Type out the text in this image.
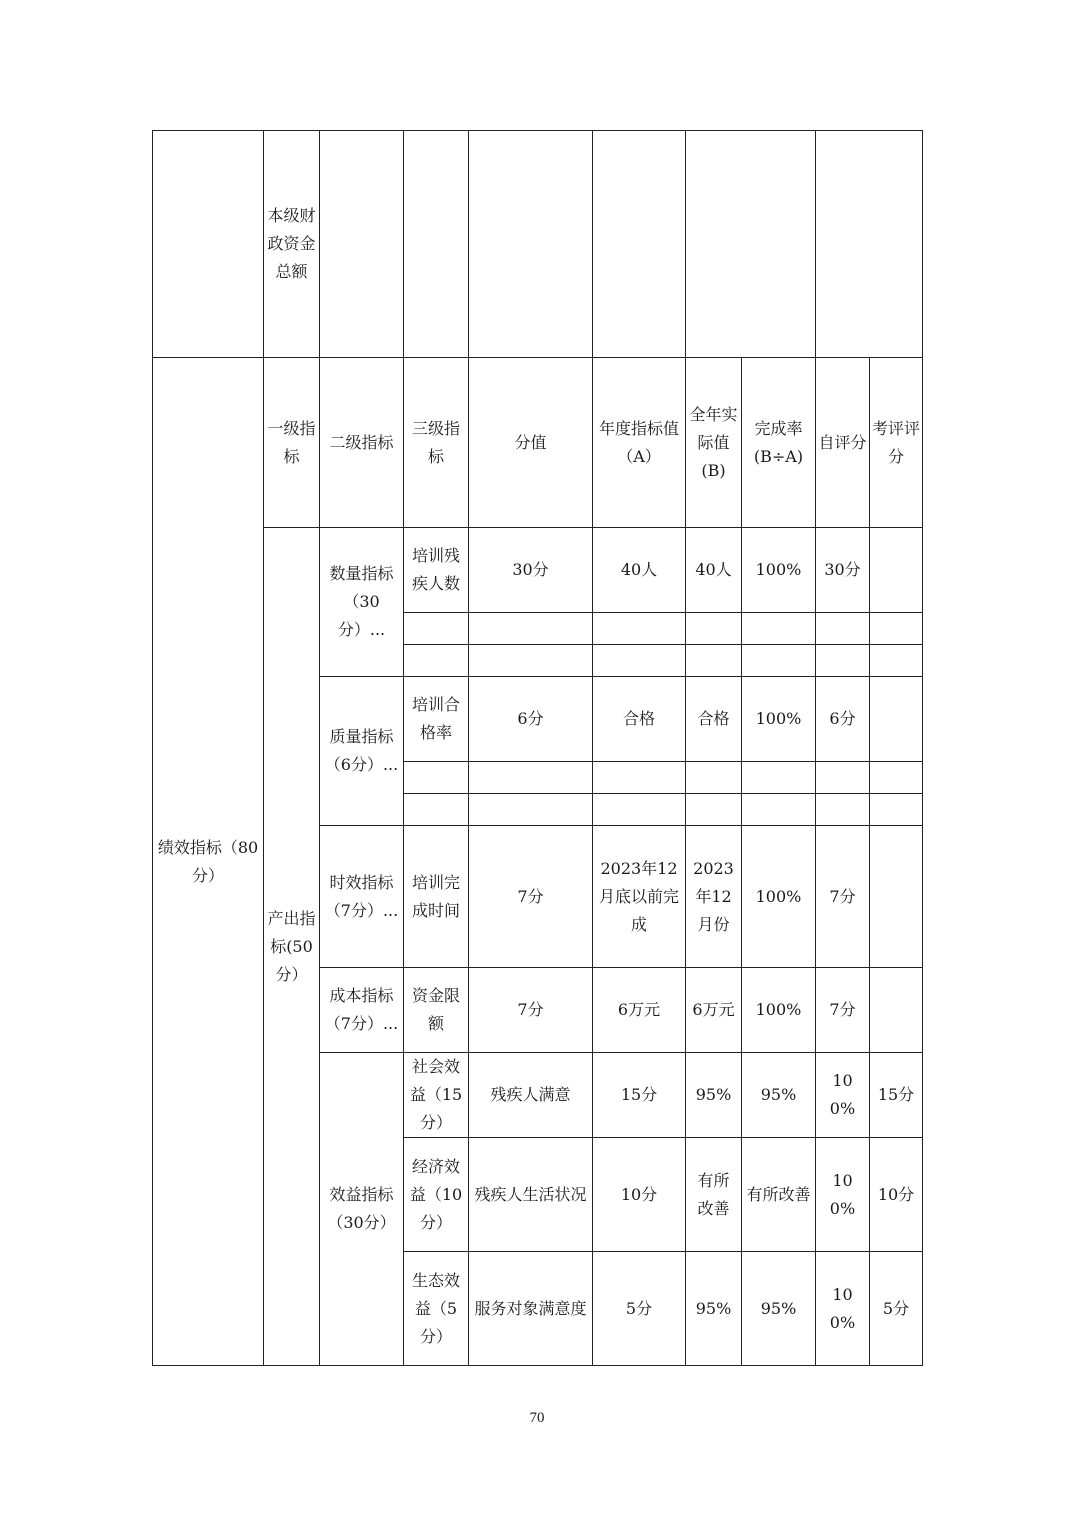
	本级财政资金总额									
绩效指标（80分）	一级指标	二级指标	三级指标	分值	年度指标值（A）	全年实际值(B)	完成率(B÷A)	自评分	考评评分	
	产出指标(50分）	数量指标（30分）...	培训残疾人数	30分	40人	40人	100%	30分		

		质量指标（6分）...	培训合格率	6分	合格	合格	100%	6分		

		时效指标（7分）...	培训完成时间	7分	2023年12月底以前完成	2023年12月份	100%	7分		
		成本指标（7分）...	资金限额	7分	6万元	6万元	100%	7分		
		效益指标（30分）	社会效益（15分）	残疾人满意	15分	95%	95%	100%	15分	
			经济效益（10分）	残疾人生活状况	10分	有所改善	有所改善	100%	10分	
			生态效益（5分）	服务对象满意度	5分	95%	95%	100%	5分	
70
